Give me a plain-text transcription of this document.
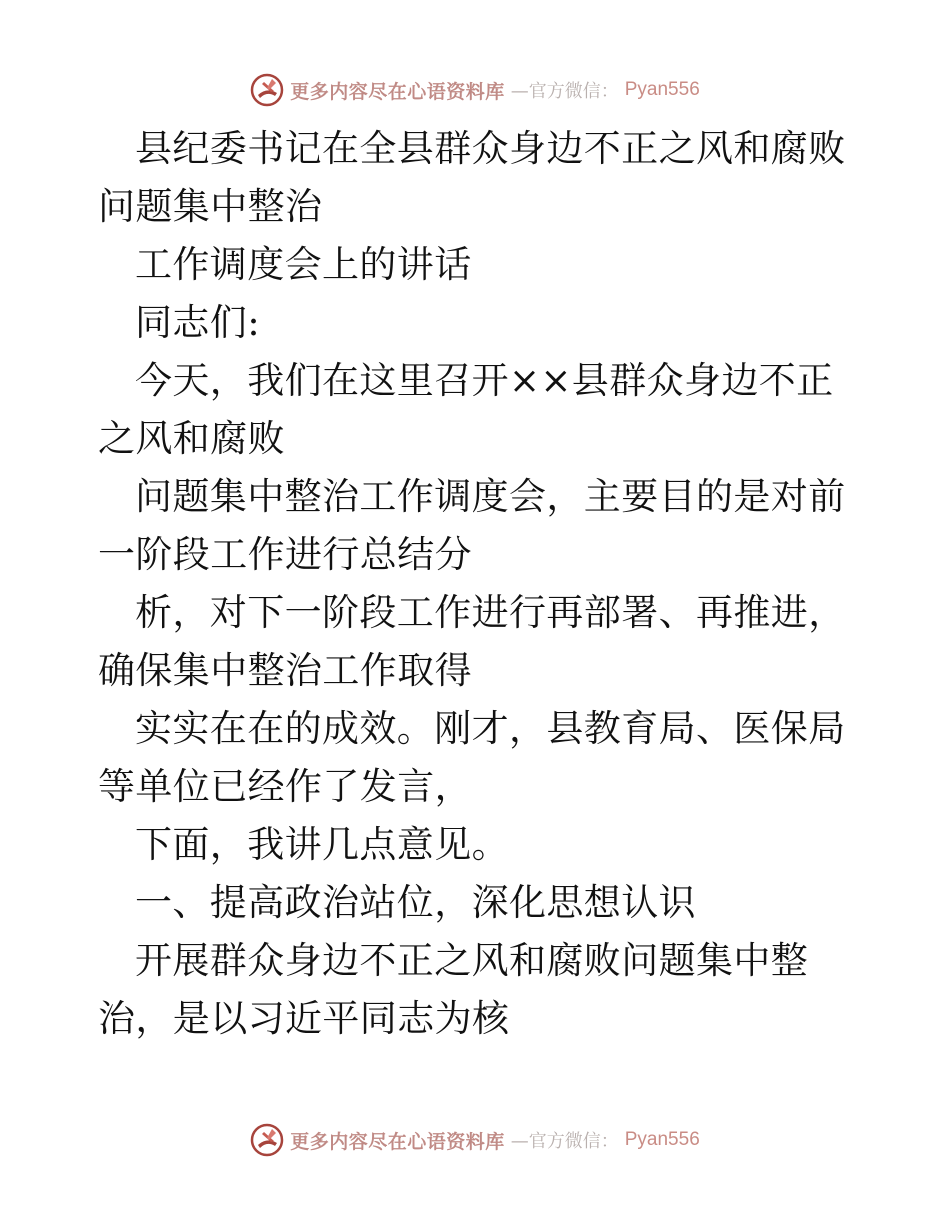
更多内容尽在心语资料库 —官方微信： Pyan556

县纪委书记在全县群众身边不正之风和腐败问题集中整治

工作调度会上的讲话

同志们:

今天，我们在这里召开××县群众身边不正之风和腐败

问题集中整治工作调度会，主要目的是对前一阶段工作进行总结分

析，对下一阶段工作进行再部署、再推进，确保集中整治工作取得

实实在在的成效。刚才，县教育局、医保局等单位已经作了发言，

下面，我讲几点意见。

一、提高政治站位，深化思想认识

开展群众身边不正之风和腐败问题集中整治，是以习近平同志为核

更多内容尽在心语资料库 —官方微信： Pyan556
